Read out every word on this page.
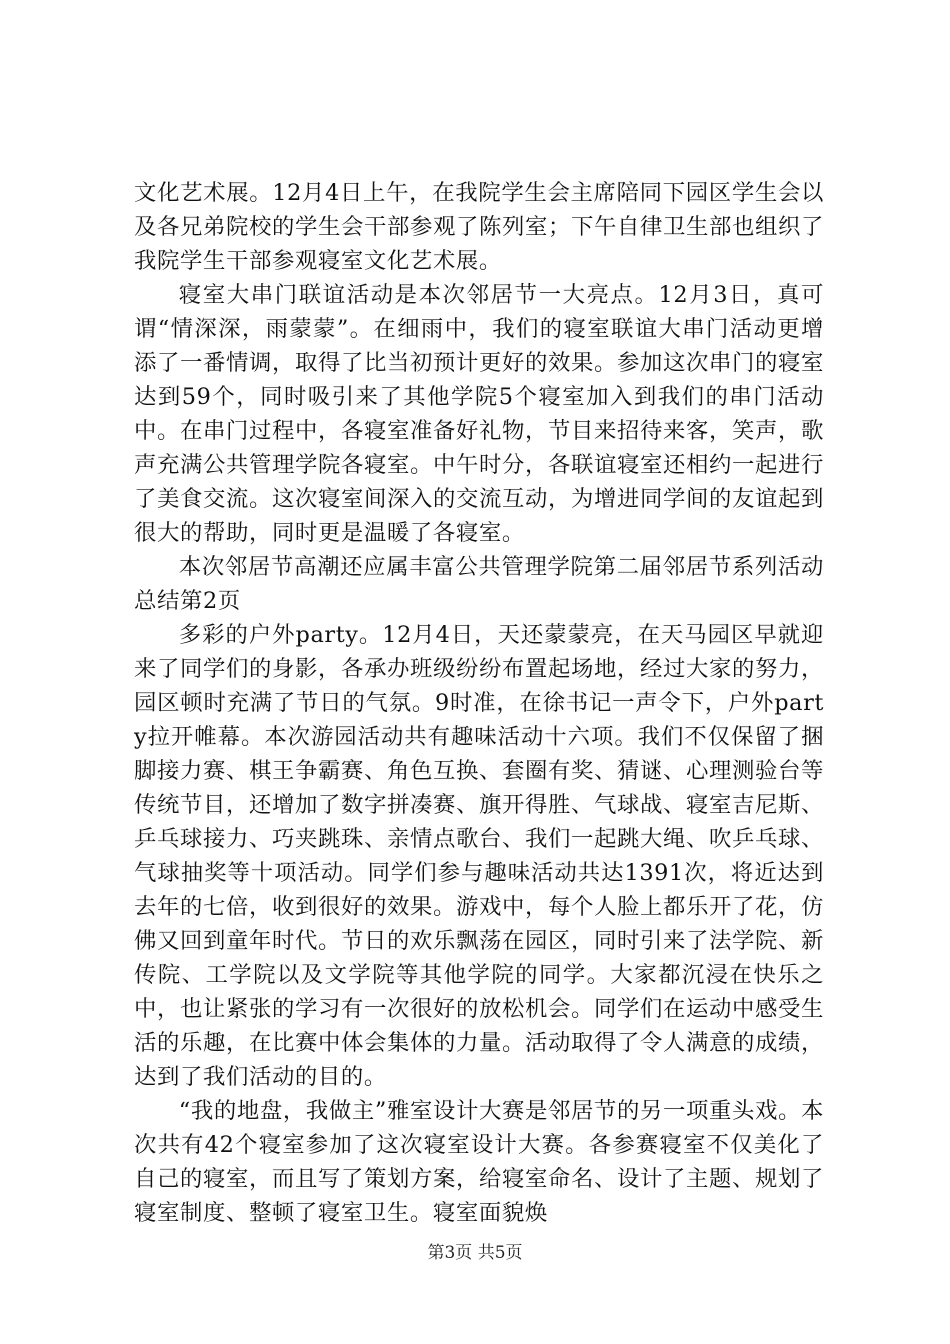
文化艺术展。12月4日上午，在我院学生会主席陪同下园区学生会以及各兄弟院校的学生会干部参观了陈列室；下午自律卫生部也组织了我院学生干部参观寝室文化艺术展。

寝室大串门联谊活动是本次邻居节一大亮点。12月3日，真可谓“情深深，雨蒙蒙”。在细雨中，我们的寝室联谊大串门活动更增添了一番情调，取得了比当初预计更好的效果。参加这次串门的寝室达到59个，同时吸引来了其他学院5个寝室加入到我们的串门活动中。在串门过程中，各寝室准备好礼物，节目来招待来客，笑声，歌声充满公共管理学院各寝室。中午时分，各联谊寝室还相约一起进行了美食交流。这次寝室间深入的交流互动，为增进同学间的友谊起到很大的帮助，同时更是温暖了各寝室。

本次邻居节高潮还应属丰富公共管理学院第二届邻居节系列活动总结第2页

多彩的户外party。12月4日，天还蒙蒙亮，在天马园区早就迎来了同学们的身影，各承办班级纷纷布置起场地，经过大家的努力，园区顿时充满了节日的气氛。9时准，在徐书记一声令下，户外party拉开帷幕。本次游园活动共有趣味活动十六项。我们不仅保留了捆脚接力赛、棋王争霸赛、角色互换、套圈有奖、猜谜、心理测验台等传统节目，还增加了数字拼凑赛、旗开得胜、气球战、寝室吉尼斯、乒乓球接力、巧夹跳珠、亲情点歌台、我们一起跳大绳、吹乒乓球、气球抽奖等十项活动。同学们参与趣味活动共达1391次，将近达到去年的七倍，收到很好的效果。游戏中，每个人脸上都乐开了花，仿佛又回到童年时代。节日的欢乐飘荡在园区，同时引来了法学院、新传院、工学院以及文学院等其他学院的同学。大家都沉浸在快乐之中，也让紧张的学习有一次很好的放松机会。同学们在运动中感受生活的乐趣，在比赛中体会集体的力量。活动取得了令人满意的成绩，达到了我们活动的目的。

“我的地盘，我做主”雅室设计大赛是邻居节的另一项重头戏。本次共有42个寝室参加了这次寝室设计大赛。各参赛寝室不仅美化了自己的寝室，而且写了策划方案，给寝室命名、设计了主题、规划了寝室制度、整顿了寝室卫生。寝室面貌焕

第3页 共5页
